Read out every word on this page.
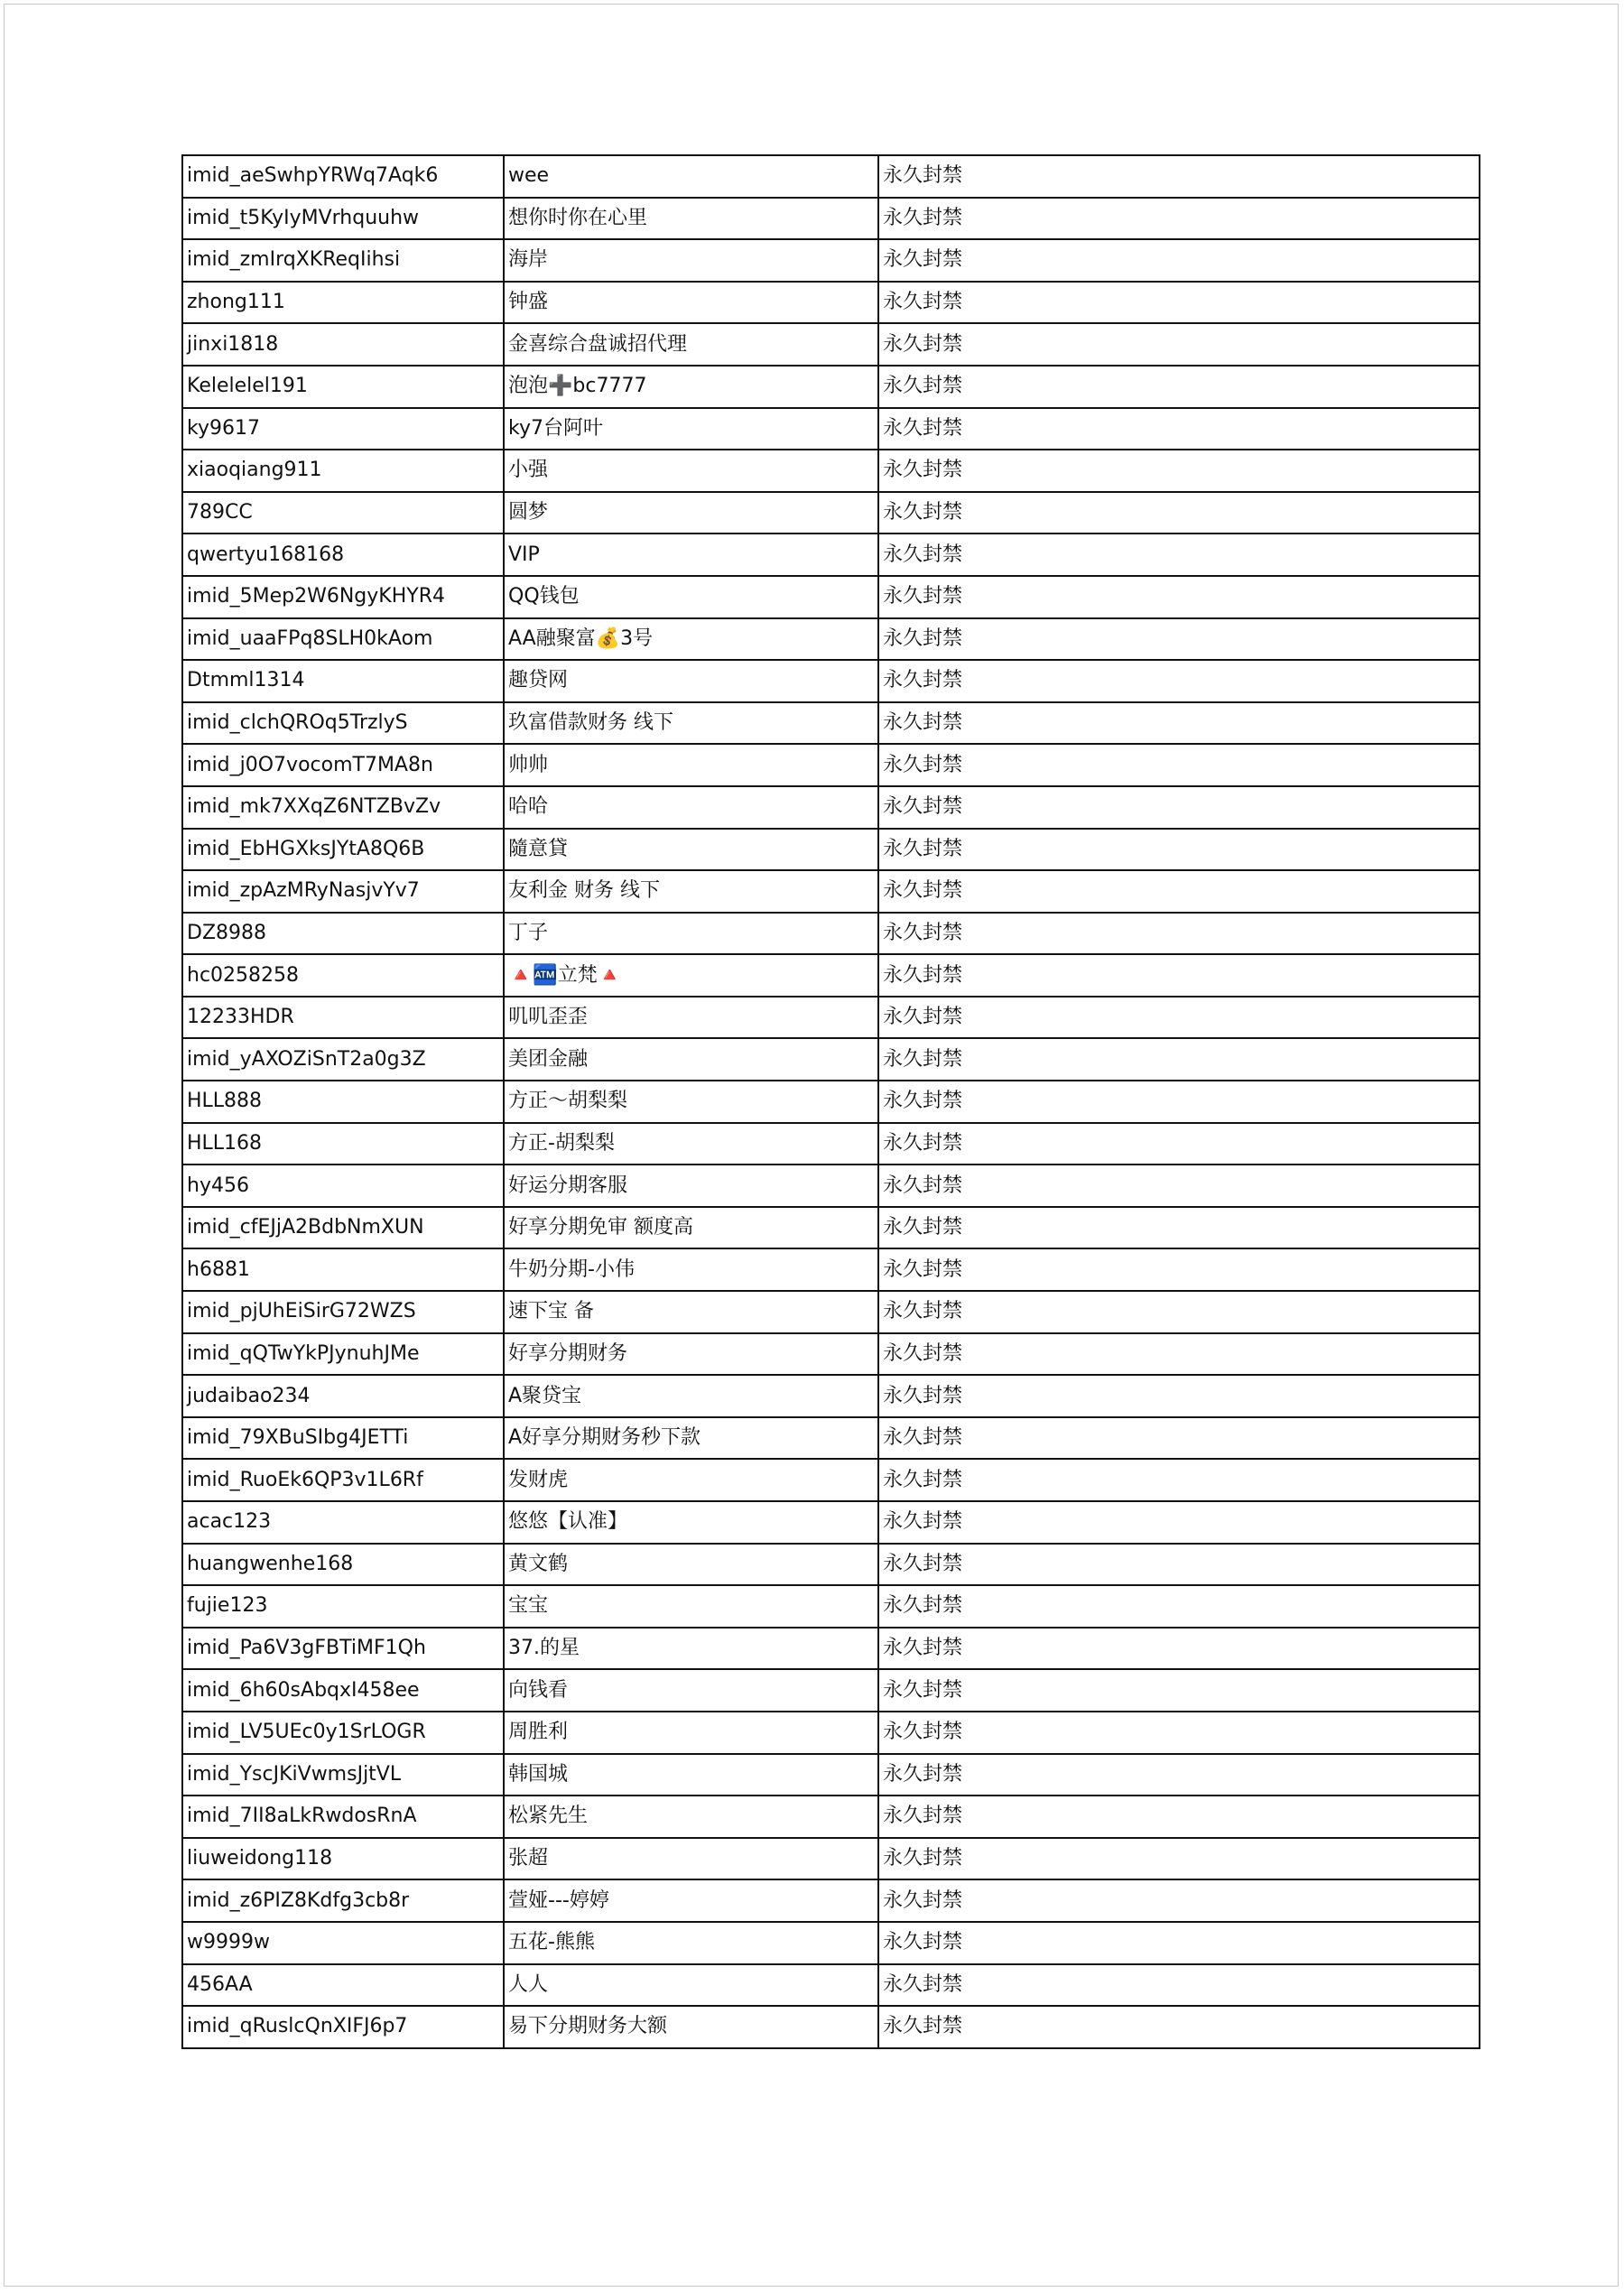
imid_aeSwhpYRWq7Aqk6	wee	永久封禁
imid_t5KyIyMVrhquuhw	想你时你在心里	永久封禁
imid_zmIrqXKReqIihsi	海岸	永久封禁
zhong111	钟盛	永久封禁
jinxi1818	金喜综合盘诚招代理	永久封禁
Kelelelel191	泡泡➕bc7777	永久封禁
ky9617	ky7台阿叶	永久封禁
xiaoqiang911	小强	永久封禁
789CC	圆梦	永久封禁
qwertyu168168	VIP	永久封禁
imid_5Mep2W6NgyKHYR4	QQ钱包	永久封禁
imid_uaaFPq8SLH0kAom	AA融聚富💰3号	永久封禁
Dtmml1314	趣贷网	永久封禁
imid_clchQROq5TrzlyS	玖富借款财务 线下	永久封禁
imid_j0O7vocomT7MA8n	帅帅	永久封禁
imid_mk7XXqZ6NTZBvZv	哈哈	永久封禁
imid_EbHGXksJYtA8Q6B	隨意貸	永久封禁
imid_zpAzMRyNasjvYv7	友利金 财务 线下	永久封禁
DZ8988	丁子	永久封禁
hc0258258	🔺🏧立梵🔺	永久封禁
12233HDR	叽叽歪歪	永久封禁
imid_yAXOZiSnT2a0g3Z	美团金融	永久封禁
HLL888	方正～胡梨梨	永久封禁
HLL168	方正-胡梨梨	永久封禁
hy456	好运分期客服	永久封禁
imid_cfEJjA2BdbNmXUN	好享分期免审 额度高	永久封禁
h6881	牛奶分期-小伟	永久封禁
imid_pjUhEiSirG72WZS	速下宝 备	永久封禁
imid_qQTwYkPJynuhJMe	好享分期财务	永久封禁
judaibao234	A聚贷宝	永久封禁
imid_79XBuSIbg4JETTi	A好享分期财务秒下款	永久封禁
imid_RuoEk6QP3v1L6Rf	发财虎	永久封禁
acac123	悠悠【认准】	永久封禁
huangwenhe168	黄文鹤	永久封禁
fujie123	宝宝	永久封禁
imid_Pa6V3gFBTiMF1Qh	37.的星	永久封禁
imid_6h60sAbqxI458ee	向钱看	永久封禁
imid_LV5UEc0y1SrLOGR	周胜利	永久封禁
imid_YscJKiVwmsJjtVL	韩国城	永久封禁
imid_7II8aLkRwdosRnA	松紧先生	永久封禁
liuweidong118	张超	永久封禁
imid_z6PIZ8Kdfg3cb8r	萱娅---婷婷	永久封禁
w9999w	五花-熊熊	永久封禁
456AA	人人	永久封禁
imid_qRuslcQnXIFJ6p7	易下分期财务大额	永久封禁
